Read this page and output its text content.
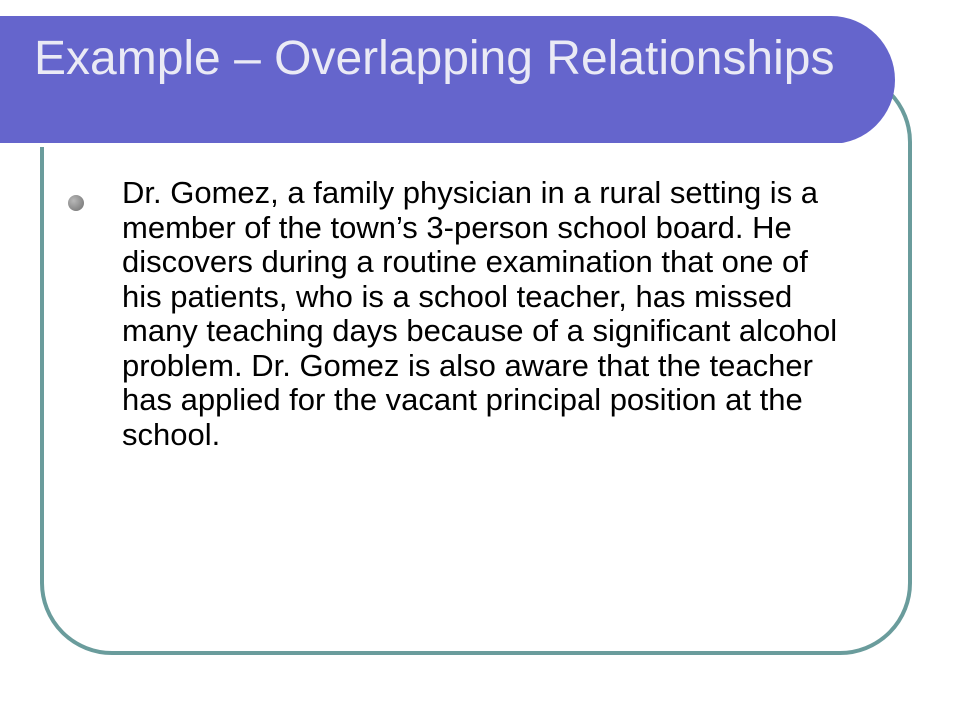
Example – Overlapping Relationships
Dr. Gomez, a family physician in a rural setting is a member of the town’s 3-person school board. He discovers during a routine examination that one of his patients, who is a school teacher, has missed many teaching days because of a significant alcohol problem. Dr. Gomez is also aware that the teacher has applied for the vacant principal position at the school.
